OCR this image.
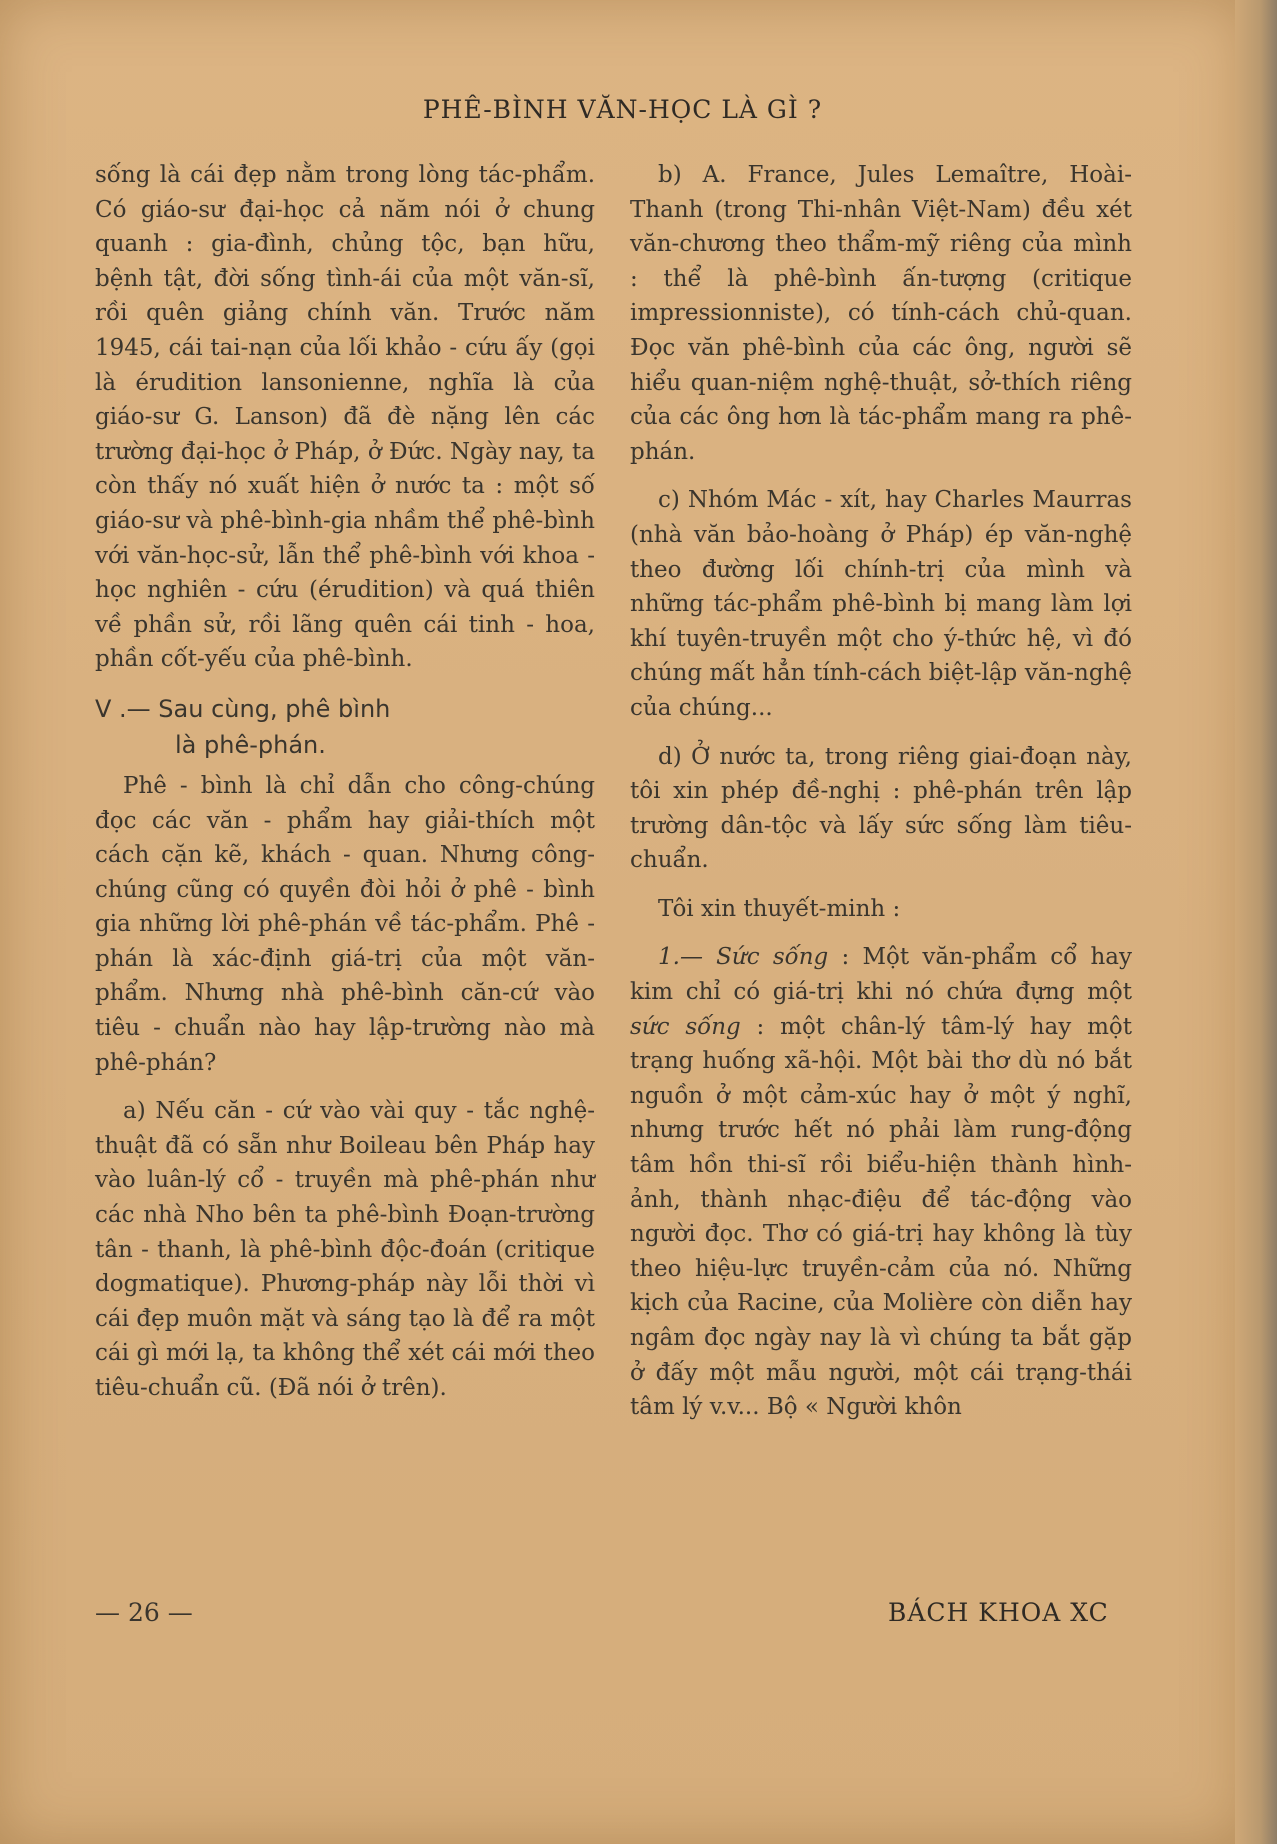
PHÊ-BÌNH VĂN-HỌC LÀ GÌ ?

sống là cái đẹp nằm trong lòng tác-phẩm. Có giáo-sư đại-học cả năm nói ở chung quanh : gia-đình, chủng tộc, bạn hữu, bệnh tật, đời sống tình-ái của một văn-sĩ, rồi quên giảng chính văn. Trước năm 1945, cái tai-nạn của lối khảo - cứu ấy (gọi là érudition lansonienne, nghĩa là của giáo-sư G. Lanson) đã đè nặng lên các trường đại-học ở Pháp, ở Đức. Ngày nay, ta còn thấy nó xuất hiện ở nước ta : một số giáo-sư và phê-bình-gia nhầm thể phê-bình với văn-học-sử, lẫn thể phê-bình với khoa - học nghiên - cứu (érudition) và quá thiên về phần sử, rồi lãng quên cái tinh - hoa, phần cốt-yếu của phê-bình.

V .— Sau cùng, phê bình
là phê-phán.

Phê - bình là chỉ dẫn cho công-chúng đọc các văn - phẩm hay giải-thích một cách cặn kẽ, khách - quan. Nhưng công-chúng cũng có quyền đòi hỏi ở phê - bình gia những lời phê-phán về tác-phẩm. Phê - phán là xác-định giá-trị của một văn-phẩm. Nhưng nhà phê-bình căn-cứ vào tiêu - chuẩn nào hay lập-trường nào mà phê-phán?

a) Nếu căn - cứ vào vài quy - tắc nghệ-thuật đã có sẵn như Boileau bên Pháp hay vào luân-lý cổ - truyền mà phê-phán như các nhà Nho bên ta phê-bình Đoạn-trường tân - thanh, là phê-bình độc-đoán (critique dogmatique). Phương-pháp này lỗi thời vì cái đẹp muôn mặt và sáng tạo là để ra một cái gì mới lạ, ta không thể xét cái mới theo tiêu-chuẩn cũ. (Đã nói ở trên).

b) A. France, Jules Lemaître, Hoài-Thanh (trong Thi-nhân Việt-Nam) đều xét văn-chương theo thẩm-mỹ riêng của mình : thể là phê-bình ấn-tượng (critique impressionniste), có tính-cách chủ-quan. Đọc văn phê-bình của các ông, người sẽ hiểu quan-niệm nghệ-thuật, sở-thích riêng của các ông hơn là tác-phẩm mang ra phê-phán.

c) Nhóm Mác - xít, hay Charles Maurras (nhà văn bảo-hoàng ở Pháp) ép văn-nghệ theo đường lối chính-trị của mình và những tác-phẩm phê-bình bị mang làm lợi khí tuyên-truyền một cho ý-thức hệ, vì đó chúng mất hẳn tính-cách biệt-lập văn-nghệ của chúng...

d) Ở nước ta, trong riêng giai-đoạn này, tôi xin phép đề-nghị : phê-phán trên lập trường dân-tộc và lấy sức sống làm tiêu-chuẩn.

Tôi xin thuyết-minh :

1.— Sức sống : Một văn-phẩm cổ hay kim chỉ có giá-trị khi nó chứa đựng một sức sống : một chân-lý tâm-lý hay một trạng huống xã-hội. Một bài thơ dù nó bắt nguồn ở một cảm-xúc hay ở một ý nghĩ, nhưng trước hết nó phải làm rung-động tâm hồn thi-sĩ rồi biểu-hiện thành hình-ảnh, thành nhạc-điệu để tác-động vào người đọc. Thơ có giá-trị hay không là tùy theo hiệu-lực truyền-cảm của nó. Những kịch của Racine, của Molière còn diễn hay ngâm đọc ngày nay là vì chúng ta bắt gặp ở đấy một mẫu người, một cái trạng-thái tâm lý v.v... Bộ « Người khôn

— 26 —	BÁCH KHOA XC
